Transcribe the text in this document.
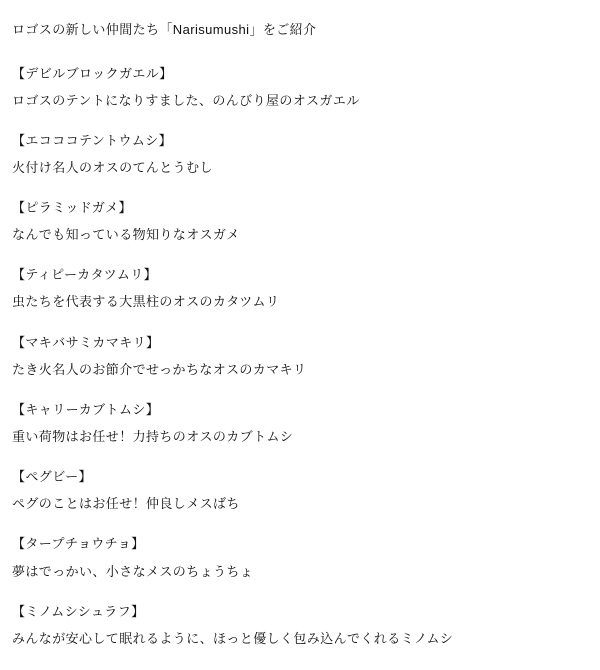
ロゴスの新しい仲間たち「Narisumushi」をご紹介

【デビルブロックガエル】

ロゴスのテントになりすました、のんびり屋のオスガエル

【エコココテントウムシ】

火付け名人のオスのてんとうむし

【ピラミッドガメ】

なんでも知っている物知りなオスガメ

【ティピーカタツムリ】

虫たちを代表する大黒柱のオスのカタツムリ

【マキバサミカマキリ】

たき火名人のお節介でせっかちなオスのカマキリ

【キャリーカブトムシ】

重い荷物はお任せ！力持ちのオスのカブトムシ

【ペグビー】

ペグのことはお任せ！仲良しメスばち

【タープチョウチョ】

夢はでっかい、小さなメスのちょうちょ

【ミノムシシュラフ】

みんなが安心して眠れるように、ほっと優しく包み込んでくれるミノムシ
